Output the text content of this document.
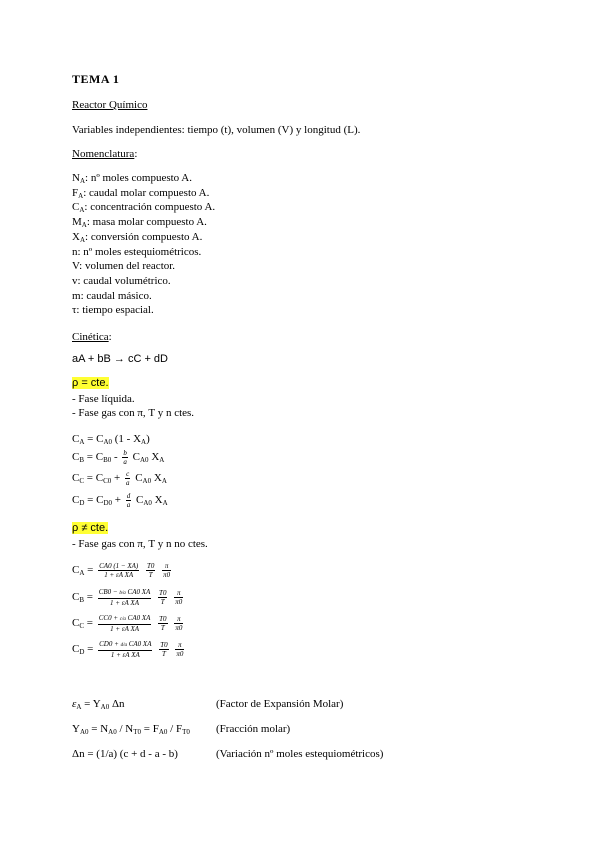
TEMA 1
Reactor Químico
Variables independientes: tiempo (t), volumen (V) y longitud (L).
Nomenclatura:
$N_A$: nº moles compuesto A.
$F_A$: caudal molar compuesto A.
$C_A$: concentración compuesto A.
$M_A$: masa molar compuesto A.
$X_A$: conversión compuesto A.
n: nº moles estequiométricos.
V: volumen del reactor.
v: caudal volumétrico.
m: caudal másico.
τ: tiempo espacial.
Cinética:
aA + bB → cC + dD
ρ = cte.
- Fase líquida.
- Fase gas con π, T y n ctes.
$C_A = C_{A0}$ $(1 - X_A)$
$C_B = C_{B0} - \frac{b}{a} C_{A0}$ $X_A$
$C_C = C_{C0} + \frac{c}{a} C_{A0}$ $X_A$
$C_D = C_{D0} + \frac{d}{a} C_{A0}$ $X_A$
ρ ≠ cte.
- Fase gas con π, T y n no ctes.
$C_A = \frac{CA0 (1 - XA)}{\text{1 + εA XA}}$
$\frac{T0}{T}$
$\frac{\pi}{\pi 0}$
$C_B = \frac{\text{CB0 − b/a CA0 XA}}{\text{1 + εA XA}}$
$\frac{T0}{T}$
$\frac{\pi}{\pi 0}$
$C_C = \frac{\text{CC0 + c/a CA0 XA}}{\text{1 + εA XA}}$
$\frac{T0}{T}$
$\frac{\pi}{\pi 0}$
$C_D = \frac{\text{CD0 + d/a CA0 XA}}{\text{1 + εA XA}}$
$\frac{T0}{T}$
$\frac{\pi}{\pi 0}$
$\varepsilon_A = Y_{A0}$ Δn	(Factor de Expansión Molar)
$Y_{A0} = N_{A0} / N_{T0} = F_{A0} / F_{T0}$ (Fracción molar)
Δn = (1/a) (c + d - a - b)	(Variación nº moles estequiométricos)
